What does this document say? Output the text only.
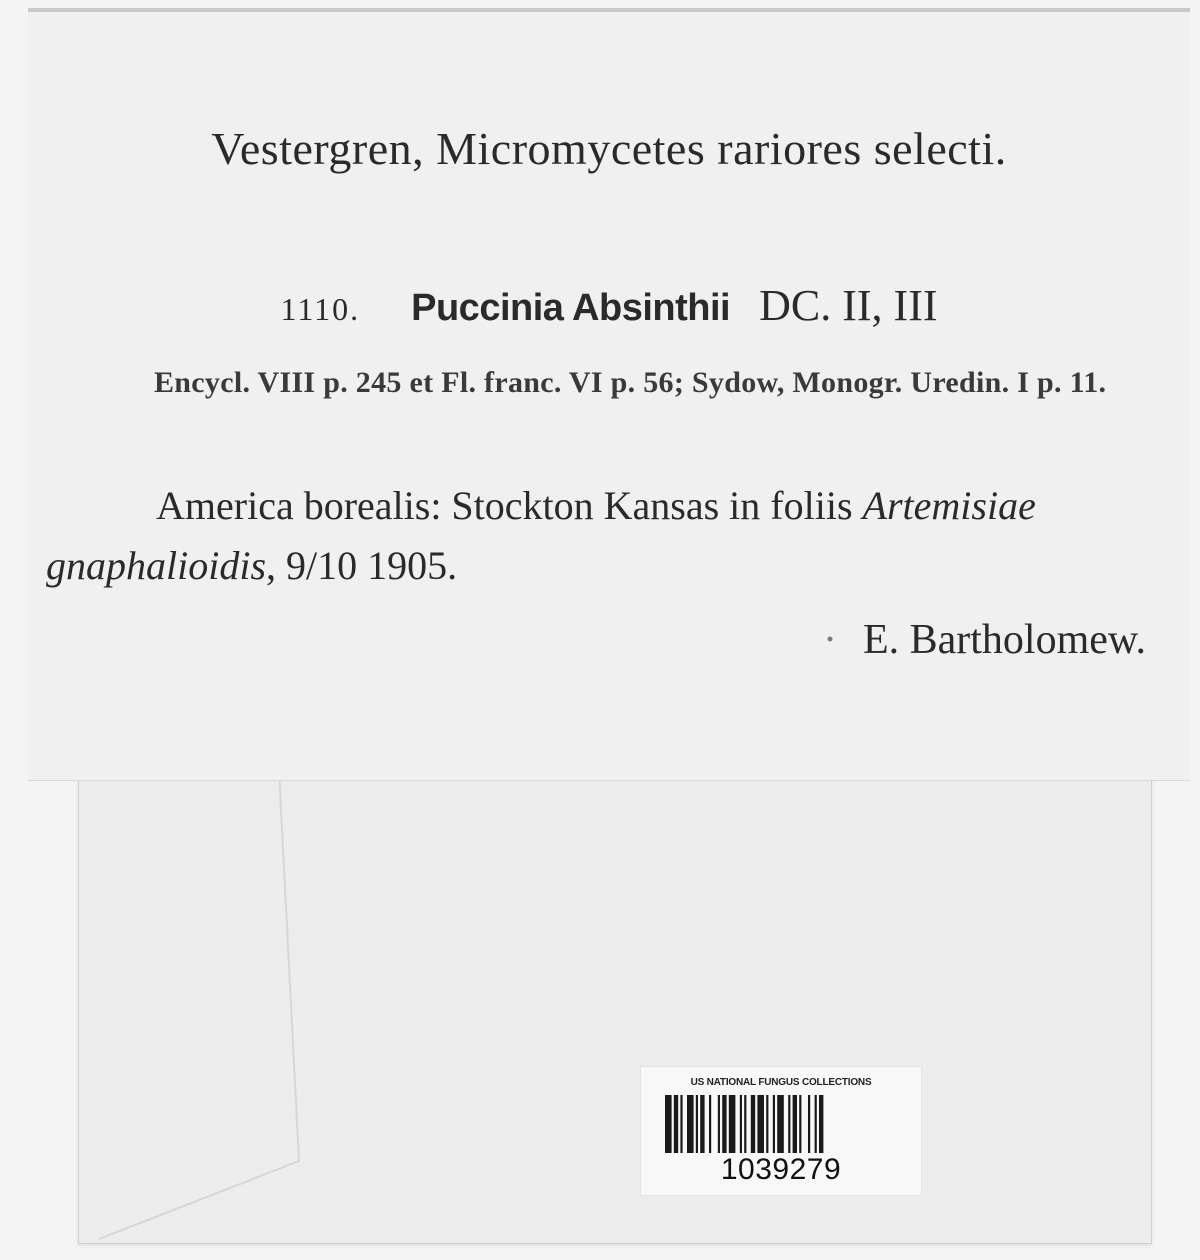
Vestergren, Micromycetes rariores selecti.
1110. Puccinia Absinthii DC. II, III
Encycl. VIII p. 245 et Fl. franc. VI p. 56; Sydow, Monogr. Uredin. I p. 11.
America borealis: Stockton Kansas in foliis Artemisiae gnaphalioidis, 9/10 1905.
· E. Bartholomew.
US NATIONAL FUNGUS COLLECTIONS
1039279
